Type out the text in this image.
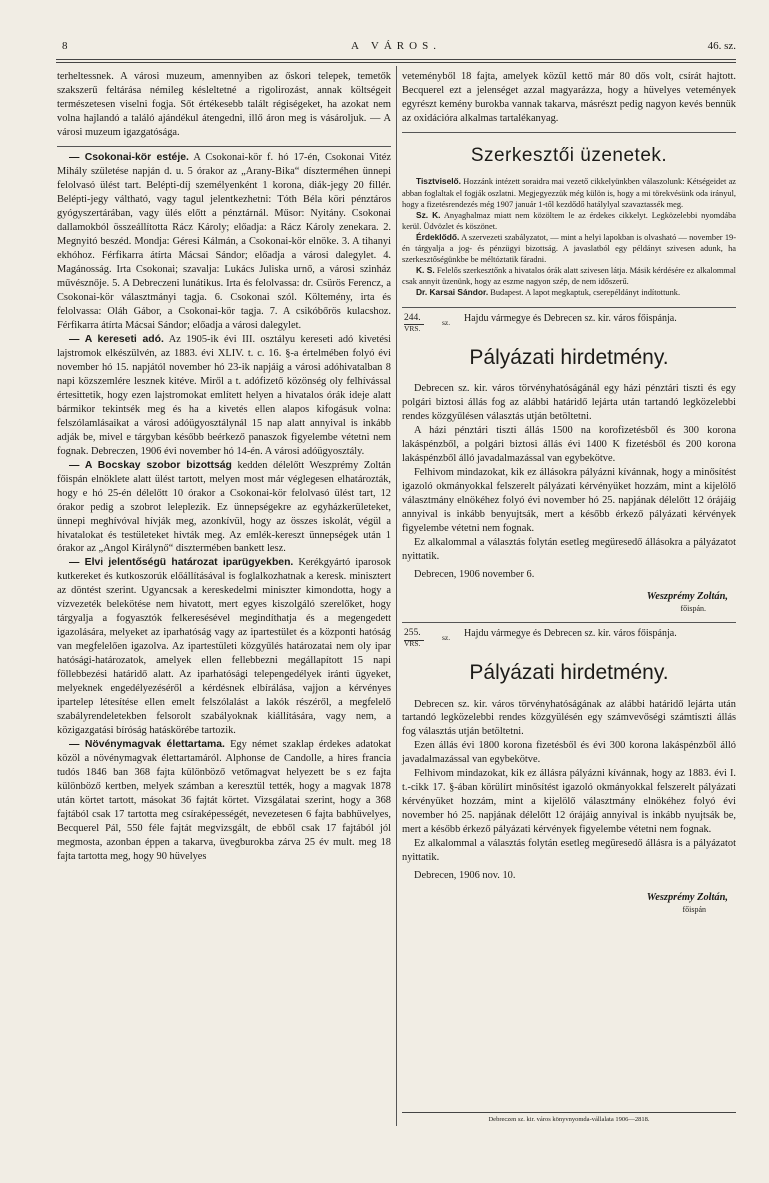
8	A VÁROS.	46. sz.

terheltessnek. A városi muzeum, amennyiben az őskori telepek, temetők szakszerű feltárása némileg késleltetné a rigolirozást, annak költségeit természetesen viselni fogja. Sőt értékesebb talált régiségeket, ha azokat nem volna hajlandó a találó ajándékul átengedni, illő áron meg is vásároljuk. — A városi muzeum igazgatósága.

— Csokonai-kör estéje. A Csokonai-kör f. hó 17-én, Csokonai Vitéz Mihály születése napján d. u. 5 órakor az „Arany-Bika“ díszterméhen ünnepi felolvasó ülést tart. Belépti-díj személyenként 1 korona, diák-jegy 20 fillér. Belépti-jegy váltható, vagy tagul jelentkezhetni: Tóth Béla köri pénztáros gyógyszertárában, vagy ülés előtt a pénztárnál. Műsor: Nyitány. Csokonai dallamokból összeállította Rácz Károly; előadja: a Rácz Károly zenekara. 2. Megnyitó beszéd. Mondja: Géresi Kálmán, a Csokonai-kör elnöke. 3. A tihanyi ekhóhoz. Férfikarra átírta Mácsai Sándor; előadja a városi dalegylet. 4. Magánosság. Irta Csokonai; szavalja: Lukács Juliska urnő, a városi szinház művésznője. 5. A Debreczeni lunátikus. Irta és felolvassa: dr. Csürös Ferencz, a Csokonai-kör választmányi tagja. 6. Csokonai szól. Költemény, irta és felolvassa: Oláh Gábor, a Csokonai-kör tagja. 7. A csikóbőrös kulacshoz. Férfikarra átírta Mácsai Sándor; előadja a városi dalegylet.

— A kereseti adó. Az 1905-ik évi III. osztályu kereseti adó kivetési lajstromok elkészülvén, az 1883. évi XLIV. t. c. 16. §-a értelmében folyó évi november hó 15. napjától november hó 23-ik napjáig a városi adóhivatalban 8 napi közszemlére lesznek kitéve. Miről a t. adófizető közönség oly felhívással értesittetik, hogy ezen lajstromokat említett helyen a hivatalos órák ideje alatt bármikor tekintsék meg és ha a kivetés ellen alapos kifogásuk volna: felszólamlásaikat a városi adóügyosztálynál 15 nap alatt annyival is inkább adják be, mivel e tárgyban később beérkező panaszok figyelembe vétetni nem fognak. Debreczen, 1906 évi november hó 14-én. A városi adóügyosztály.

— A Bocskay szobor bizottság kedden délelőtt Weszprémy Zoltán főispán elnöklete alatt ülést tartott, melyen most már véglegesen elhatározták, hogy e hó 25-én délelőtt 10 órakor a Csokonai-kör felolvasó ülést tart, 12 órakor pedig a szobrot leleplezik. Ez ünnepségekre az egyházkerületeket, ünnepi meghívóval hívják meg, azonkívül, hogy az összes iskolát, végül a hivatalokat és testületeket hivták meg. Az emlék-kereszt ünnepségek után 1 órakor az „Angol Királynő“ disztermében bankett lesz.

— Elvi jelentőségü határozat iparügyekben. Kerékgyártó iparosok kutkereket és kutkoszorúk előállításával is foglalkozhatnak a keresk. minisztert az döntést szerint. Ugyancsak a kereskedelmi miniszter kimondotta, hogy a vízvezeték belekötése nem hivatott, mert egyes kiszolgáló szerelőket, hogy tárgyalja a fogyasztók felkeresésével megindíthatja és a megengedett igazolására, melyeket az iparhatóság vagy az ipartestület és a központi hatóság van megfelelően igazolva. Az ipartestületi közgyűlés határozatai nem oly ipar hatósági-határozatok, amelyek ellen fellebbezni megállapított 15 napi föllebbezési határidő alatt. Az iparhatósági telepengedélyek iránti ügyeket, melyeknek engedélyezéséről a kérdésnek elbírálása, vajjon a kérvényes ipartelep létesítése ellen emelt felszólalást a lakók részéről, a megfelelő szabályrendeletekben felsorolt szabályoknak kiállítására, vagy nem, a közigazgatási bíróság hatáskörébe tartozik.

— Növénymagvak élettartama. Egy német szaklap érdekes adatokat közöl a növénymagvak élettartamáról. Alphonse de Candolle, a hires francia tudós 1846 ban 368 fajta különböző vetőmagvat helyezett be s ez fajta különböző kertben, melyek számban a keresztül tették, hogy a magvak 1878 után körtet tartott, másokat 36 fajtát körtet. Vizsgálatai szerint, hogy a 368 fajtából csak 17 tartotta meg csíraképességét, nevezetesen 6 fajta babhüvelyes, Becquerel Pál, 550 féle fajtát megvizsgált, de ebből csak 17 fajtából jól megmosta, azonban éppen a takarva, üvegburokba zárva 25 év mult. meg 18 fajta tartotta meg, hogy 90 hüvelyes

veteményből 18 fajta, amelyek közül kettő már 80 dős volt, csírát hajtott. Becquerel ezt a jelenséget azzal magyarázza, hogy a hüvelyes vetemények egyrészt kemény burokba vannak takarva, másrészt pedig nagyon kevés bennük az oxidációra alkalmas tartalékanyag.

Szerkesztői üzenetek.

Tisztviselő. Hozzánk intézett soraidra mai vezető cikkelyünkben válaszolunk: Kétségeidet az abban foglaltak el fogják oszlatni. Megjegyezzük még külön is, hogy a mi törekvésünk oda irányul, hogy a fizetésrendezés még 1907 január 1-től kezdődő hatálylyal szavaztassék meg.

Sz. K. Anyaghalmaz miatt nem közöltem le az érdekes cikkelyt. Legközelebbi nyomdába kerül. Üdvözlet és köszönet.

Érdeklődő. A szervezeti szabályzatot, — mint a helyi lapokban is olvasható — november 19-én tárgyalja a jog- és pénzügyi bizottság. A javaslatból egy példányt szivesen adunk, ha szerkesztőségünkbe be méltóztatik fáradni.

K. S. Felelős szerkesztőnk a hivatalos órák alatt szivesen látja. Másik kérdésére ez alkalommal csak annyit üzenünk, hogy az eszme nagyon szép, de nem időszerű.

Dr. Karsai Sándor. Budapest. A lapot megkaptuk, cserepéldányt indítottunk.

244.
VRS.
sz. Hajdu vármegye és Debrecen sz. kir. város főispánja.
Pályázati hirdetmény.

Debrecen sz. kir. város törvényhatóságánál egy házi pénztári tiszti és egy polgári biztosi állás fog az alábbi határidő lejárta után tartandó legközelebbi rendes közgyűlésen választás utján betöltetni.

A házi pénztári tiszti állás 1500 na korofizetésből és 300 korona lakáspénzből, a polgári biztosi állás évi 1400 K fizetésből és 200 korona lakáspénzből álló javadalmazással van egybekötve.

Felhivom mindazokat, kik ez állásokra pályázni kívánnak, hogy a minősítést igazoló okmányokkal felszerelt pályázati kérvényüket hozzám, mint a kijelölő választmány elnökéhez folyó évi november hó 25. napjának délelőtt 12 órájáig annyival is inkább benyujtsák, mert a később érkező pályázati kérvények figyelembe vétetni nem fognak.

Ez alkalommal a választás folytán esetleg megüresedő állásokra a pályázatot nyittatik.

Debrecen, 1906 november 6.

Weszprémy Zoltán,
főispán.
255.
VRS.
sz. Hajdu vármegye és Debrecen sz. kir. város főispánja.
Pályázati hirdetmény.

Debrecen sz. kir. város törvényhatóságának az alábbi határidő lejárta után tartandó legközelebbi rendes közgyülésén egy számvevőségi számtiszti állás fog választás utján betöltetni.

Ezen állás évi 1800 korona fizetésből és évi 300 korona lakáspénzből álló javadalmazással van egybekötve.

Felhivom mindazokat, kik ez állásra pályázni kívánnak, hogy az 1883. évi I. t.-cikk 17. §-ában körülírt minősítést igazoló okmányokkal felszerelt pályázati kérvényüket hozzám, mint a kijelölő választmány elnökéhez folyó évi november hó 25. napjának délelőtt 12 órájáig annyival is inkább nyujtsák be, mert a később érkező pályázati kérvények figyelembe vétetni nem fognak.

Ez alkalommal a választás folytán esetleg megüresedő állásra is a pályázatot nyittatik.

Debrecen, 1906 nov. 10.

Weszprémy Zoltán,
főispán
Debreczen sz. kir. város könyvnyomda-vállalata 1906—2818.
